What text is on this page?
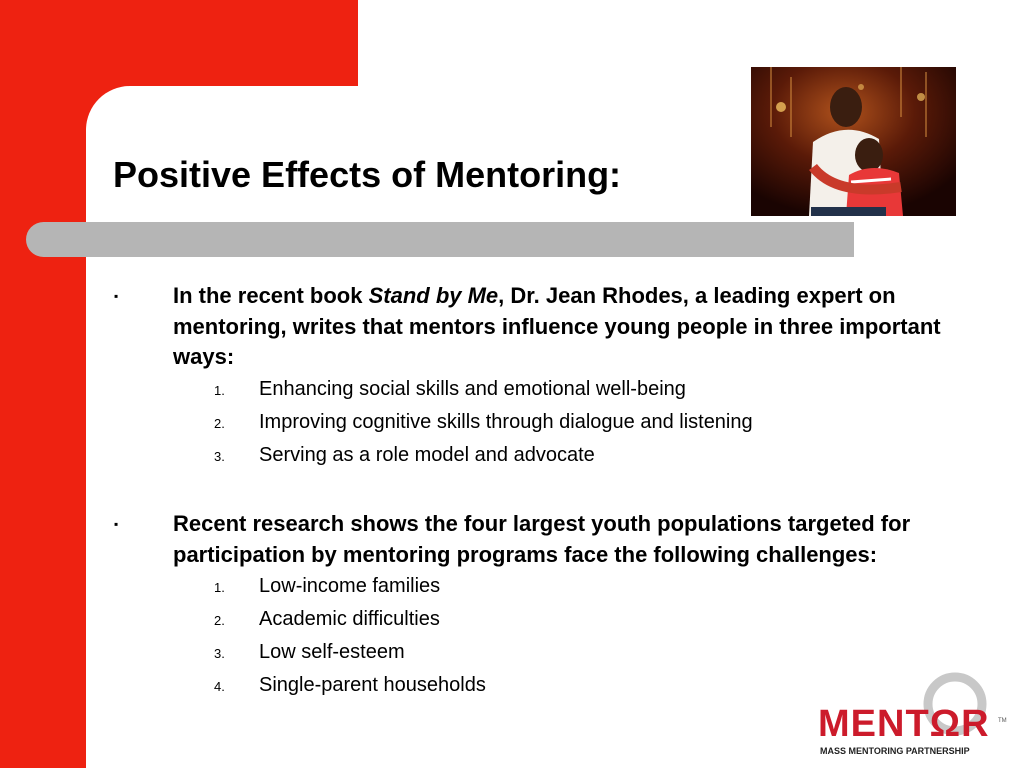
Positive Effects of Mentoring:
▪ In the recent book Stand by Me, Dr. Jean Rhodes, a leading expert on mentoring, writes that mentors influence young people in three important ways:
1. Enhancing social skills and emotional well-being
2. Improving cognitive skills through dialogue and listening
3. Serving as a role model and advocate
▪ Recent research shows the four largest youth populations targeted for participation by mentoring programs face the following challenges:
1. Low-income families
2. Academic difficulties
3. Low self-esteem
4. Single-parent households
MENTΩR TM
MASS MENTORING PARTNERSHIP
